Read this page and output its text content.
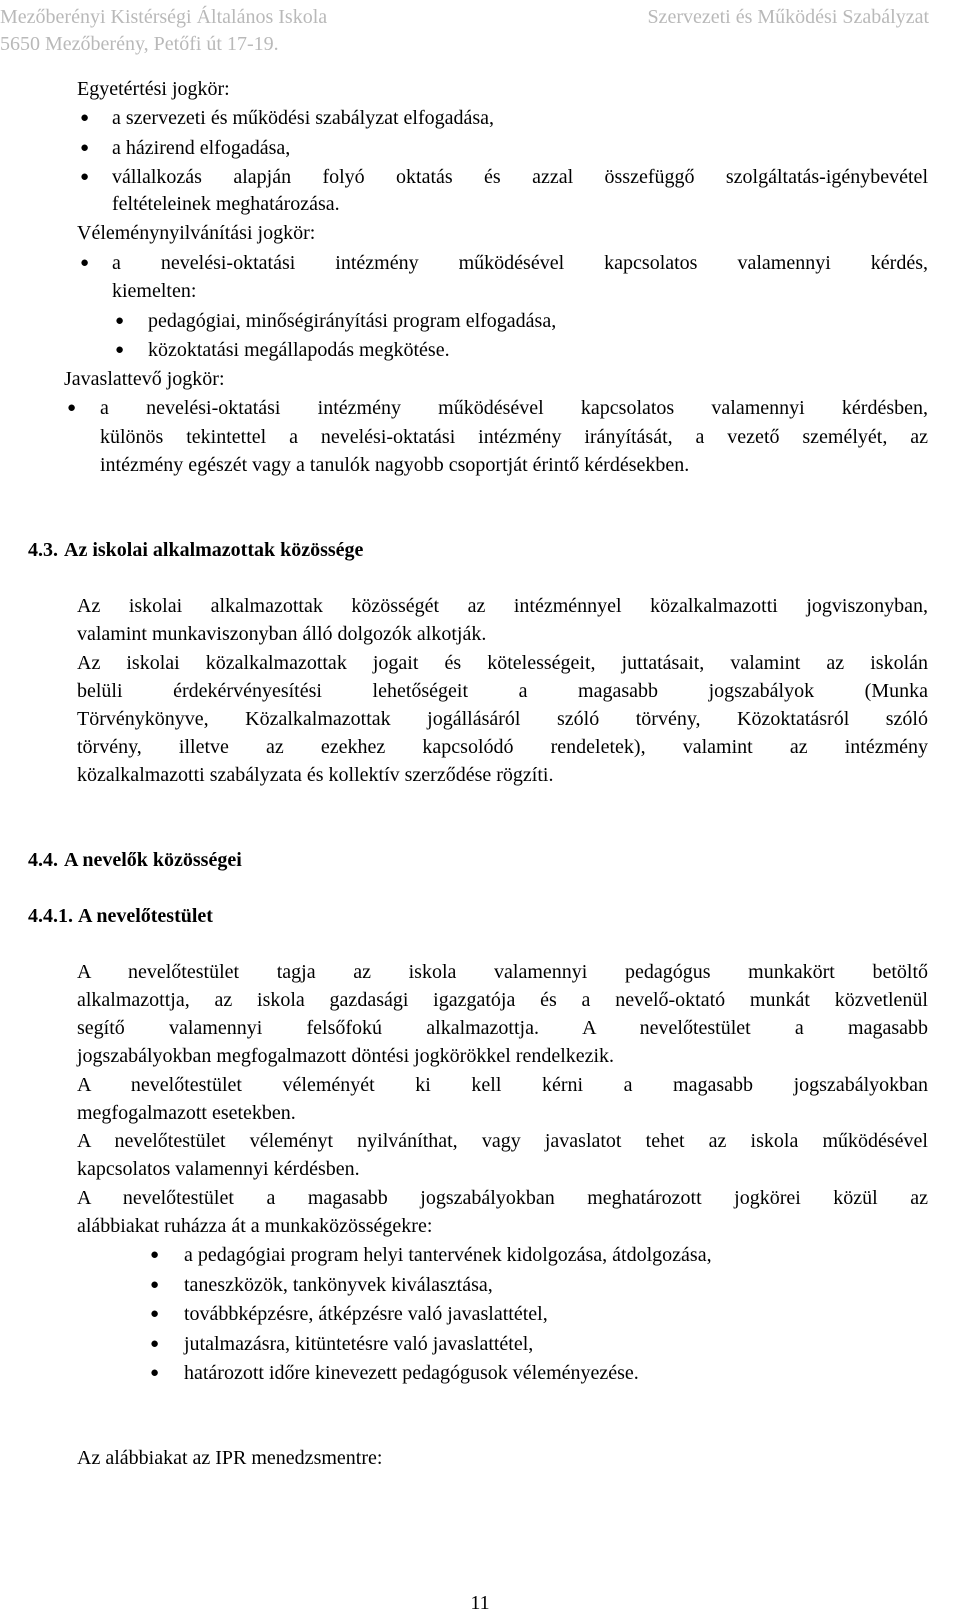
Mezőberényi Kistérségi Általános Iskola	Szervezeti és Működési Szabályzat
5650 Mezőberény, Petőfi út 17-19.
Egyetértési jogkör:
● a szervezeti és működési szabályzat elfogadása,
● a házirend elfogadása,
● vállalkozás alapján folyó oktatás és azzal összefüggő szolgáltatás-igénybevétel
feltételeinek meghatározása.
Véleménynyilvánítási jogkör:
● a nevelési-oktatási intézmény működésével kapcsolatos valamennyi kérdés,
kiemelten:
● pedagógiai, minőségirányítási program elfogadása,
● közoktatási megállapodás megkötése.
Javaslattevő jogkör:
● a nevelési-oktatási intézmény működésével kapcsolatos valamennyi kérdésben,
különös tekintettel a nevelési-oktatási intézmény irányítását, a vezető személyét, az
intézmény egészét vagy a tanulók nagyobb csoportját érintő kérdésekben.
4.3. Az iskolai alkalmazottak közössége
Az iskolai alkalmazottak közösségét az intézménnyel közalkalmazotti jogviszonyban,
valamint munkaviszonyban álló dolgozók alkotják.
Az iskolai közalkalmazottak jogait és kötelességeit, juttatásait, valamint az iskolán
belüli érdekérvényesítési lehetőségeit a magasabb jogszabályok (Munka
Törvénykönyve, Közalkalmazottak jogállásáról szóló törvény, Közoktatásról szóló
törvény, illetve az ezekhez kapcsolódó rendeletek), valamint az intézmény
közalkalmazotti szabályzata és kollektív szerződése rögzíti.
4.4. A nevelők közösségei
4.4.1. A nevelőtestület
A nevelőtestület tagja az iskola valamennyi pedagógus munkakört betöltő
alkalmazottja, az iskola gazdasági igazgatója és a nevelő-oktató munkát közvetlenül
segítő valamennyi felsőfokú alkalmazottja. A nevelőtestület a magasabb
jogszabályokban megfogalmazott döntési jogkörökkel rendelkezik.
A nevelőtestület véleményét ki kell kérni a magasabb jogszabályokban
megfogalmazott esetekben.
A nevelőtestület véleményt nyilváníthat, vagy javaslatot tehet az iskola működésével
kapcsolatos valamennyi kérdésben.
A nevelőtestület a magasabb jogszabályokban meghatározott jogkörei közül az
alábbiakat ruházza át a munkaközösségekre:
● a pedagógiai program helyi tantervének kidolgozása, átdolgozása,
● taneszközök, tankönyvek kiválasztása,
● továbbképzésre, átképzésre való javaslattétel,
● jutalmazásra, kitüntetésre való javaslattétel,
● határozott időre kinevezett pedagógusok véleményezése.
Az alábbiakat az IPR menedzsmentre:
11
